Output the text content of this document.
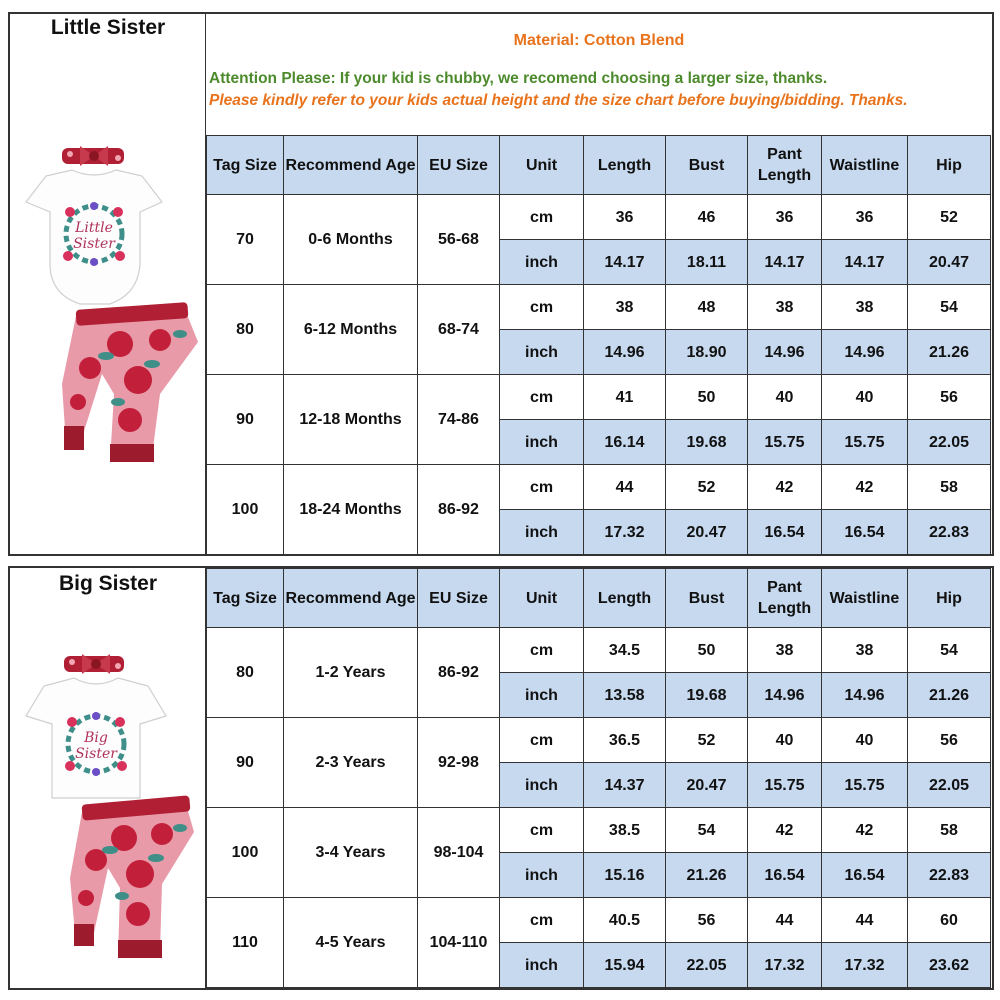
Little Sister
Little
Sister
Material: Cotton Blend
Attention Please: If your kid is chubby, we recomend choosing a larger size, thanks.
Please kindly refer to your kids actual height and the size chart before buying/bidding. Thanks.
Tag Size	Recommend Age	EU Size	Unit	Length	Bust	Pant Length	Waistline	Hip
70	0-6 Months	56-68	cm	36	46	36	36	52
			inch	14.17	18.11	14.17	14.17	20.47
80	6-12 Months	68-74	cm	38	48	38	38	54
			inch	14.96	18.90	14.96	14.96	21.26
90	12-18 Months	74-86	cm	41	50	40	40	56
			inch	16.14	19.68	15.75	15.75	22.05
100	18-24 Months	86-92	cm	44	52	42	42	58
			inch	17.32	20.47	16.54	16.54	22.83
Big Sister
Big
Sister
Tag Size	Recommend Age	EU Size	Unit	Length	Bust	Pant Length	Waistline	Hip
80	1-2 Years	86-92	cm	34.5	50	38	38	54
			inch	13.58	19.68	14.96	14.96	21.26
90	2-3 Years	92-98	cm	36.5	52	40	40	56
			inch	14.37	20.47	15.75	15.75	22.05
100	3-4 Years	98-104	cm	38.5	54	42	42	58
			inch	15.16	21.26	16.54	16.54	22.83
110	4-5 Years	104-110	cm	40.5	56	44	44	60
			inch	15.94	22.05	17.32	17.32	23.62
